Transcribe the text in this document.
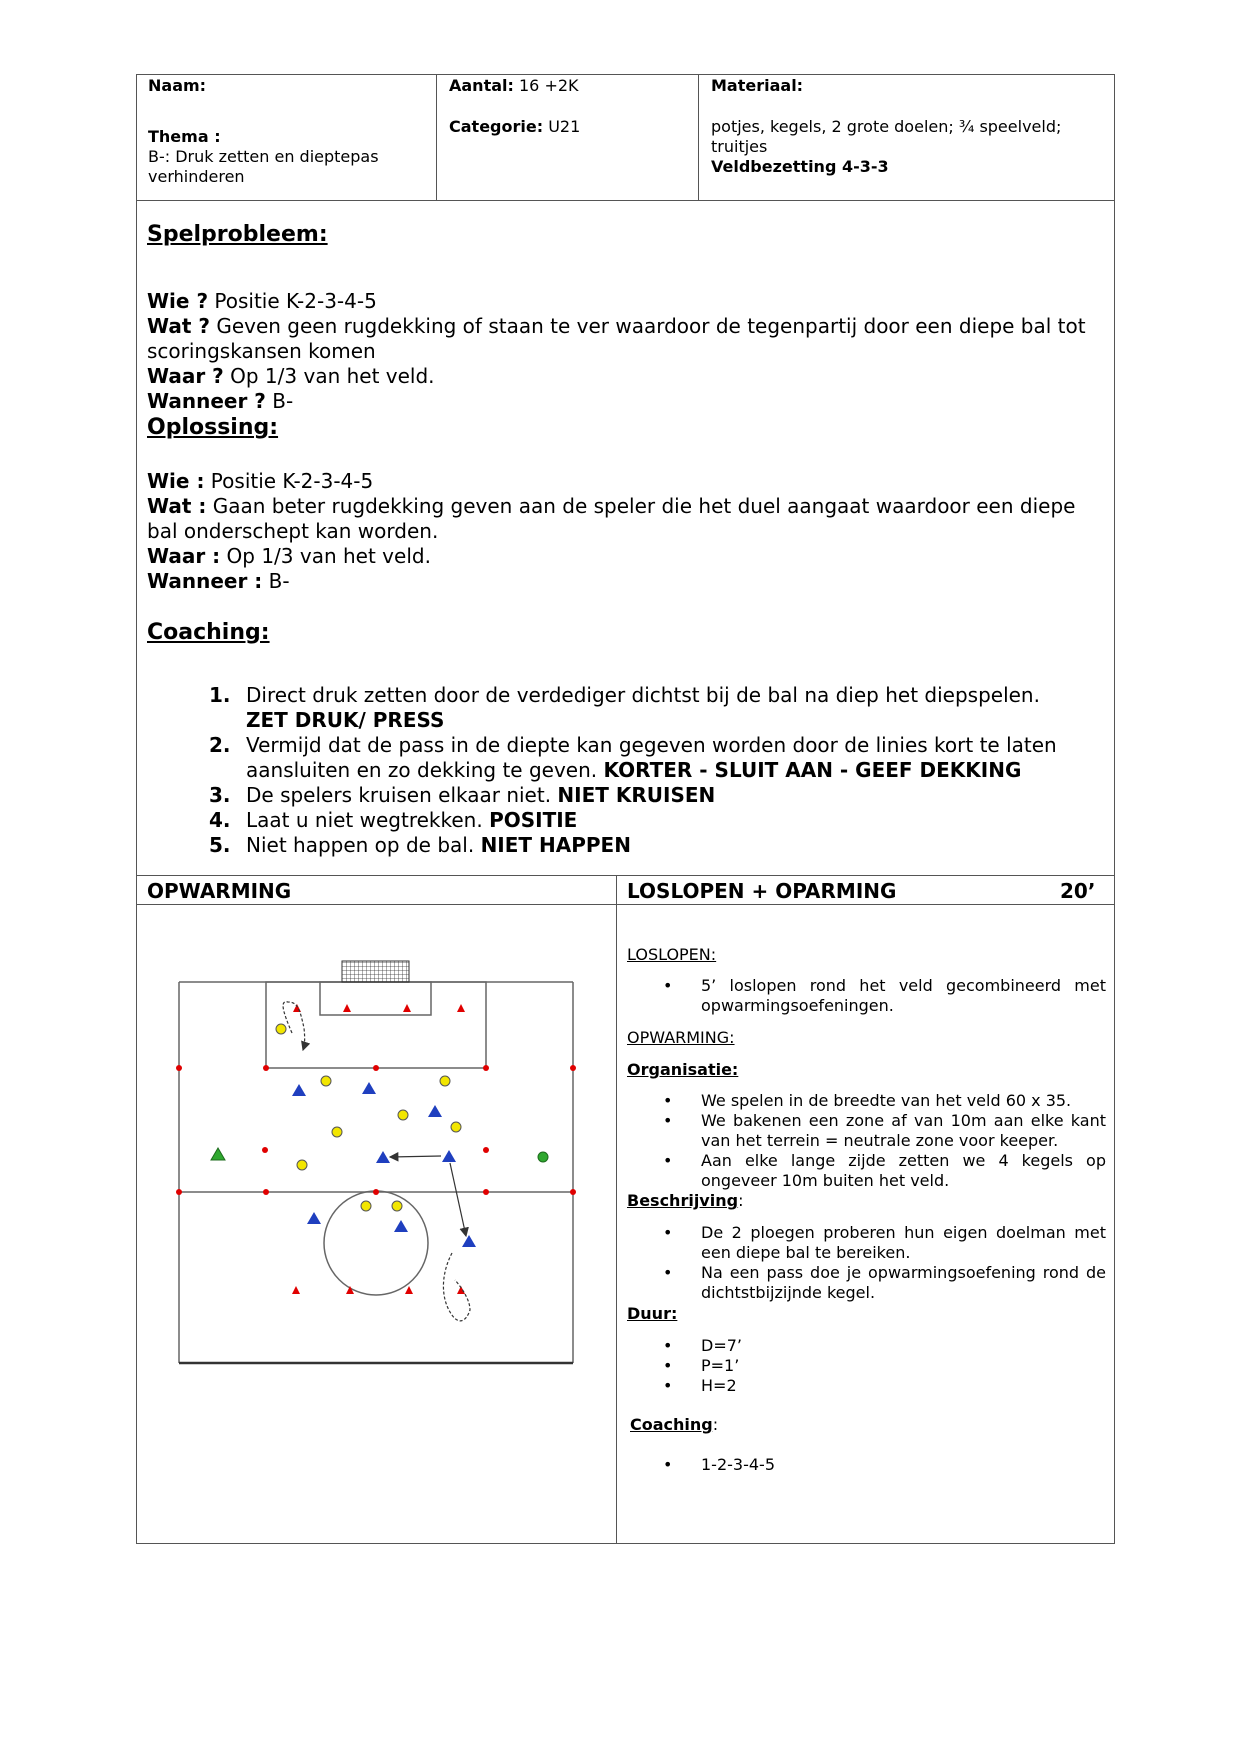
Naam:
Thema :
B-: Druk zetten en dieptepas verhinderen
Aantal: 16 +2K
Categorie: U21
Materiaal:
potjes, kegels, 2 grote doelen; ¾ speelveld; truitjes
Veldbezetting 4-3-3
Spelprobleem:
Wie ? Positie K-2-3-4-5
Wat ? Geven geen rugdekking of staan te ver waardoor de tegenpartij door een diepe bal tot scoringskansen komen
Waar ? Op 1/3 van het veld.
Wanneer ? B-
Oplossing:
Wie : Positie K-2-3-4-5
Wat : Gaan beter rugdekking geven aan de speler die het duel aangaat waardoor een diepe bal onderschept kan worden.
Waar : Op 1/3 van het veld.
Wanneer : B-
Coaching:
1. Direct druk zetten door de verdediger dichtst bij de bal na diep het diepspelen.
ZET DRUK/ PRESS
2. Vermijd dat de pass in de diepte kan gegeven worden door de linies kort te laten aansluiten en zo dekking te geven. KORTER - SLUIT AAN - GEEF DEKKING
3. De spelers kruisen elkaar niet. NIET KRUISEN
4. Laat u niet wegtrekken. POSITIE
5. Niet happen op de bal. NIET HAPPEN
OPWARMING	LOSLOPEN + OPARMING	20’
LOSLOPEN:
•	5’ loslopen rond het veld gecombineerd met opwarmingsoefeningen.
OPWARMING:
Organisatie:
•	We spelen in de breedte van het veld 60 x 35.
•	We bakenen een zone af van 10m aan elke kant van het terrein = neutrale zone voor keeper.
•	Aan elke lange zijde zetten we 4 kegels op ongeveer 10m buiten het veld.
Beschrijving:
•	De 2 ploegen proberen hun eigen doelman met een diepe bal te bereiken.
•	Na een pass doe je opwarmingsoefening rond de dichtstbijzijnde kegel.
Duur:
•	D=7’
•	P=1’
•	H=2
Coaching:
•	1-2-3-4-5
